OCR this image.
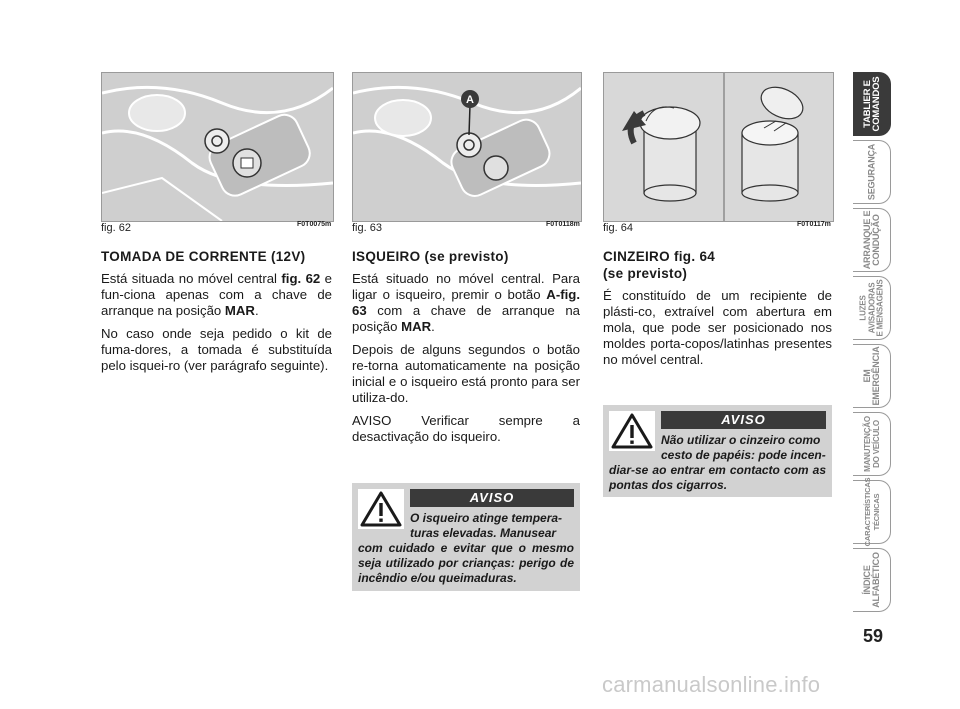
fig. 62	F0T0075m
A
fig. 63	F0T0118m fig. 64	F0T0117m
TOMADA DE CORRENTE (12V)

Está situada no móvel central fig. 62 e fun-ciona apenas com a chave de arranque na posição MAR.

No caso onde seja pedido o kit de fuma-dores, a tomada é substituída pelo isquei-ro (ver parágrafo seguinte).

ISQUEIRO (se previsto)

Está situado no móvel central. Para ligar o isqueiro, premir o botão A-fig. 63 com a chave de arranque na posição MAR.

Depois de alguns segundos o botão re-torna automaticamente na posição inicial e o isqueiro está pronto para ser utiliza-do.

AVISO Verificar sempre a desactivação do isqueiro.

CINZEIRO fig. 64
(se previsto)

É constituído de um recipiente de plásti-co, extraível com abertura em mola, que pode ser posicionado nos moldes porta-copos/latinhas presentes no móvel central.

AVISO
O isqueiro atinge tempera-
turas elevadas. Manusear
com cuidado e evitar que o mesmo seja utilizado por crianças: perigo de incêndio e/ou queimaduras.
AVISO
Não utilizar o cinzeiro como
cesto de papéis: pode incen-
diar-se ao entrar em contacto com as pontas dos cigarros.
TABLIER E
COMANDOS
SEGURANÇA
ARRANQUE E
CONDUÇÃO
LUZES
AVISADORAS
E MENSAGENS
EM
EMERGÊNCIA
MANUTENÇÃO
DO VEÍCULO
CARACTERÍSTICAS
TÉCNICAS
ÍNDICE
ALFABÉTICO
59
carmanualsonline.info
